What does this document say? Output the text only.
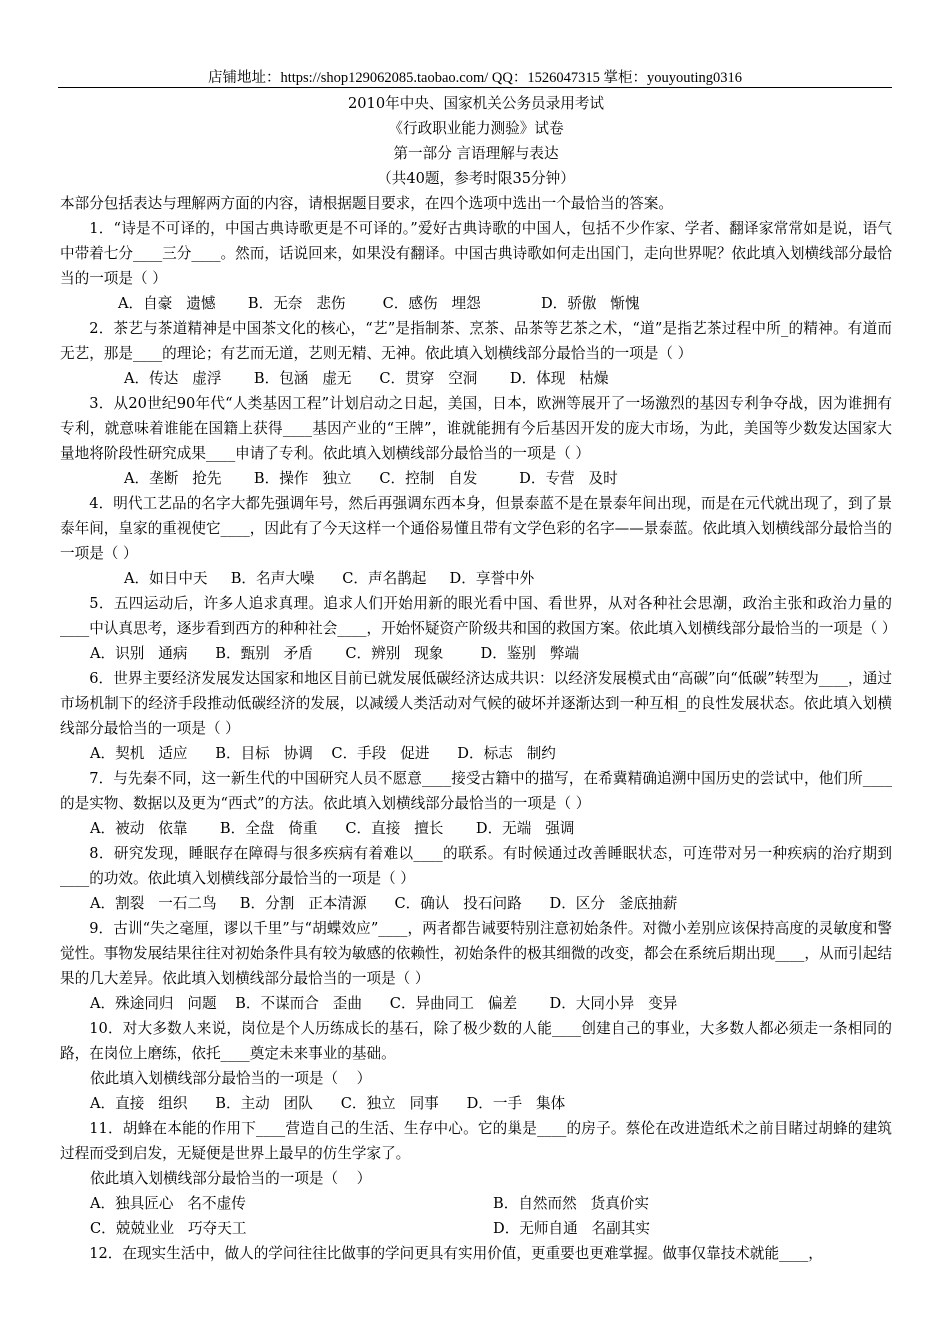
店铺地址：https://shop129062085.taobao.com/ QQ：1526047315 掌柜：youyouting0316
2010年中央、国家机关公务员录用考试
《行政职业能力测验》试卷
第一部分 言语理解与表达
（共40题，参考时限35分钟）
本部分包括表达与理解两方面的内容，请根据题目要求，在四个选项中选出一个最恰当的答案。
1．“诗是不可译的，中国古典诗歌更是不可译的。”爱好古典诗歌的中国人，包括不少作家、学者、翻译家常常如是说，语气中带着七分____三分____。然而，话说回来，如果没有翻译。中国古典诗歌如何走出国门，走向世界呢？依此填入划横线部分最恰当的一项是（ ）
A．自豪   遗憾       B．无奈   悲伤        C．感伤   埋怨             D．骄傲   惭愧
2．茶艺与茶道精神是中国茶文化的核心，“艺”是指制茶、烹茶、品茶等艺茶之术，“道”是指艺茶过程中所_的精神。有道而无艺，那是____的理论；有艺而无道，艺则无精、无神。依此填入划横线部分最恰当的一项是（ ）
A．传达   虚浮       B．包涵   虚无      C．贯穿   空洞       D．体现   枯燥
3．从20世纪90年代“人类基因工程”计划启动之日起，美国，日本，欧洲等展开了一场激烈的基因专利争夺战，因为谁拥有专利，就意味着谁能在国籍上获得____基因产业的“王牌”，谁就能拥有今后基因开发的庞大市场，为此，美国等少数发达国家大量地将阶段性研究成果____申请了专利。依此填入划横线部分最恰当的一项是（ ）
A．垄断   抢先       B．操作   独立      C．控制   自发         D．专营   及时
4．明代工艺品的名字大都先强调年号，然后再强调东西本身，但景泰蓝不是在景泰年间出现，而是在元代就出现了，到了景泰年间，皇家的重视使它____，因此有了今天这样一个通俗易懂且带有文学色彩的名字——景泰蓝。依此填入划横线部分最恰当的一项是（ ）
A．如日中天     B．名声大噪      C．声名鹊起     D．享誉中外
5．五四运动后，许多人追求真理。追求人们开始用新的眼光看中国、看世界，从对各种社会思潮，政治主张和政治力量的____中认真思考，逐步看到西方的种种社会____，开始怀疑资产阶级共和国的救国方案。依此填入划横线部分最恰当的一项是（ ）
A．识别   通病      B．甄别   矛盾       C．辨别   现象        D．鉴别   弊端
6．世界主要经济发展发达国家和地区目前已就发展低碳经济达成共识：以经济发展模式由“高碳”向“低碳”转型为____，通过市场机制下的经济手段推动低碳经济的发展，以减缓人类活动对气候的破坏并逐渐达到一种互相_的良性发展状态。依此填入划横线部分最恰当的一项是（ ）
A．契机   适应      B．目标   协调    C．手段   促进      D．标志   制约
7．与先秦不同，这一新生代的中国研究人员不愿意____接受古籍中的描写，在希冀精确追溯中国历史的尝试中，他们所____的是实物、数据以及更为“西式”的方法。依此填入划横线部分最恰当的一项是（ ）
A．被动   依靠       B．全盘   倚重      C．直接   擅长       D．无端   强调
8．研究发现，睡眠存在障碍与很多疾病有着难以____的联系。有时候通过改善睡眠状态，可连带对另一种疾病的治疗期到____的功效。依此填入划横线部分最恰当的一项是（ ）
A．割裂   一石二鸟     B．分割   正本清源      C．确认   投石问路      D．区分   釜底抽薪
9．古训“失之毫厘，谬以千里”与“胡蝶效应”____，两者都告诫要特别注意初始条件。对微小差别应该保持高度的灵敏度和警觉性。事物发展结果往往对初始条件具有较为敏感的依赖性，初始条件的极其细微的改变，都会在系统后期出现____，从而引起结果的几大差异。依此填入划横线部分最恰当的一项是（ ）
A．殊途同归   问题    B．不谋而合   歪曲      C．异曲同工   偏差       D．大同小异   变异
10．对大多数人来说，岗位是个人历练成长的基石，除了极少数的人能____创建自己的事业，大多数人都必须走一条相同的路，在岗位上磨练，依托____奠定未来事业的基础。
依此填入划横线部分最恰当的一项是（    ）
A．直接   组织      B．主动   团队      C．独立   同事      D．一手   集体
11．胡蜂在本能的作用下____营造自己的生活、生存中心。它的巢是____的房子。蔡伦在改进造纸术之前目睹过胡蜂的建筑过程而受到启发，无疑便是世界上最早的仿生学家了。
依此填入划横线部分最恰当的一项是（    ）
A．独具匠心   名不虚传	B．自然而然   货真价实
C．兢兢业业   巧夺天工	D．无师自通   名副其实
12．在现实生活中，做人的学问往往比做事的学问更具有实用价值，更重要也更难掌握。做事仅靠技术就能____，
